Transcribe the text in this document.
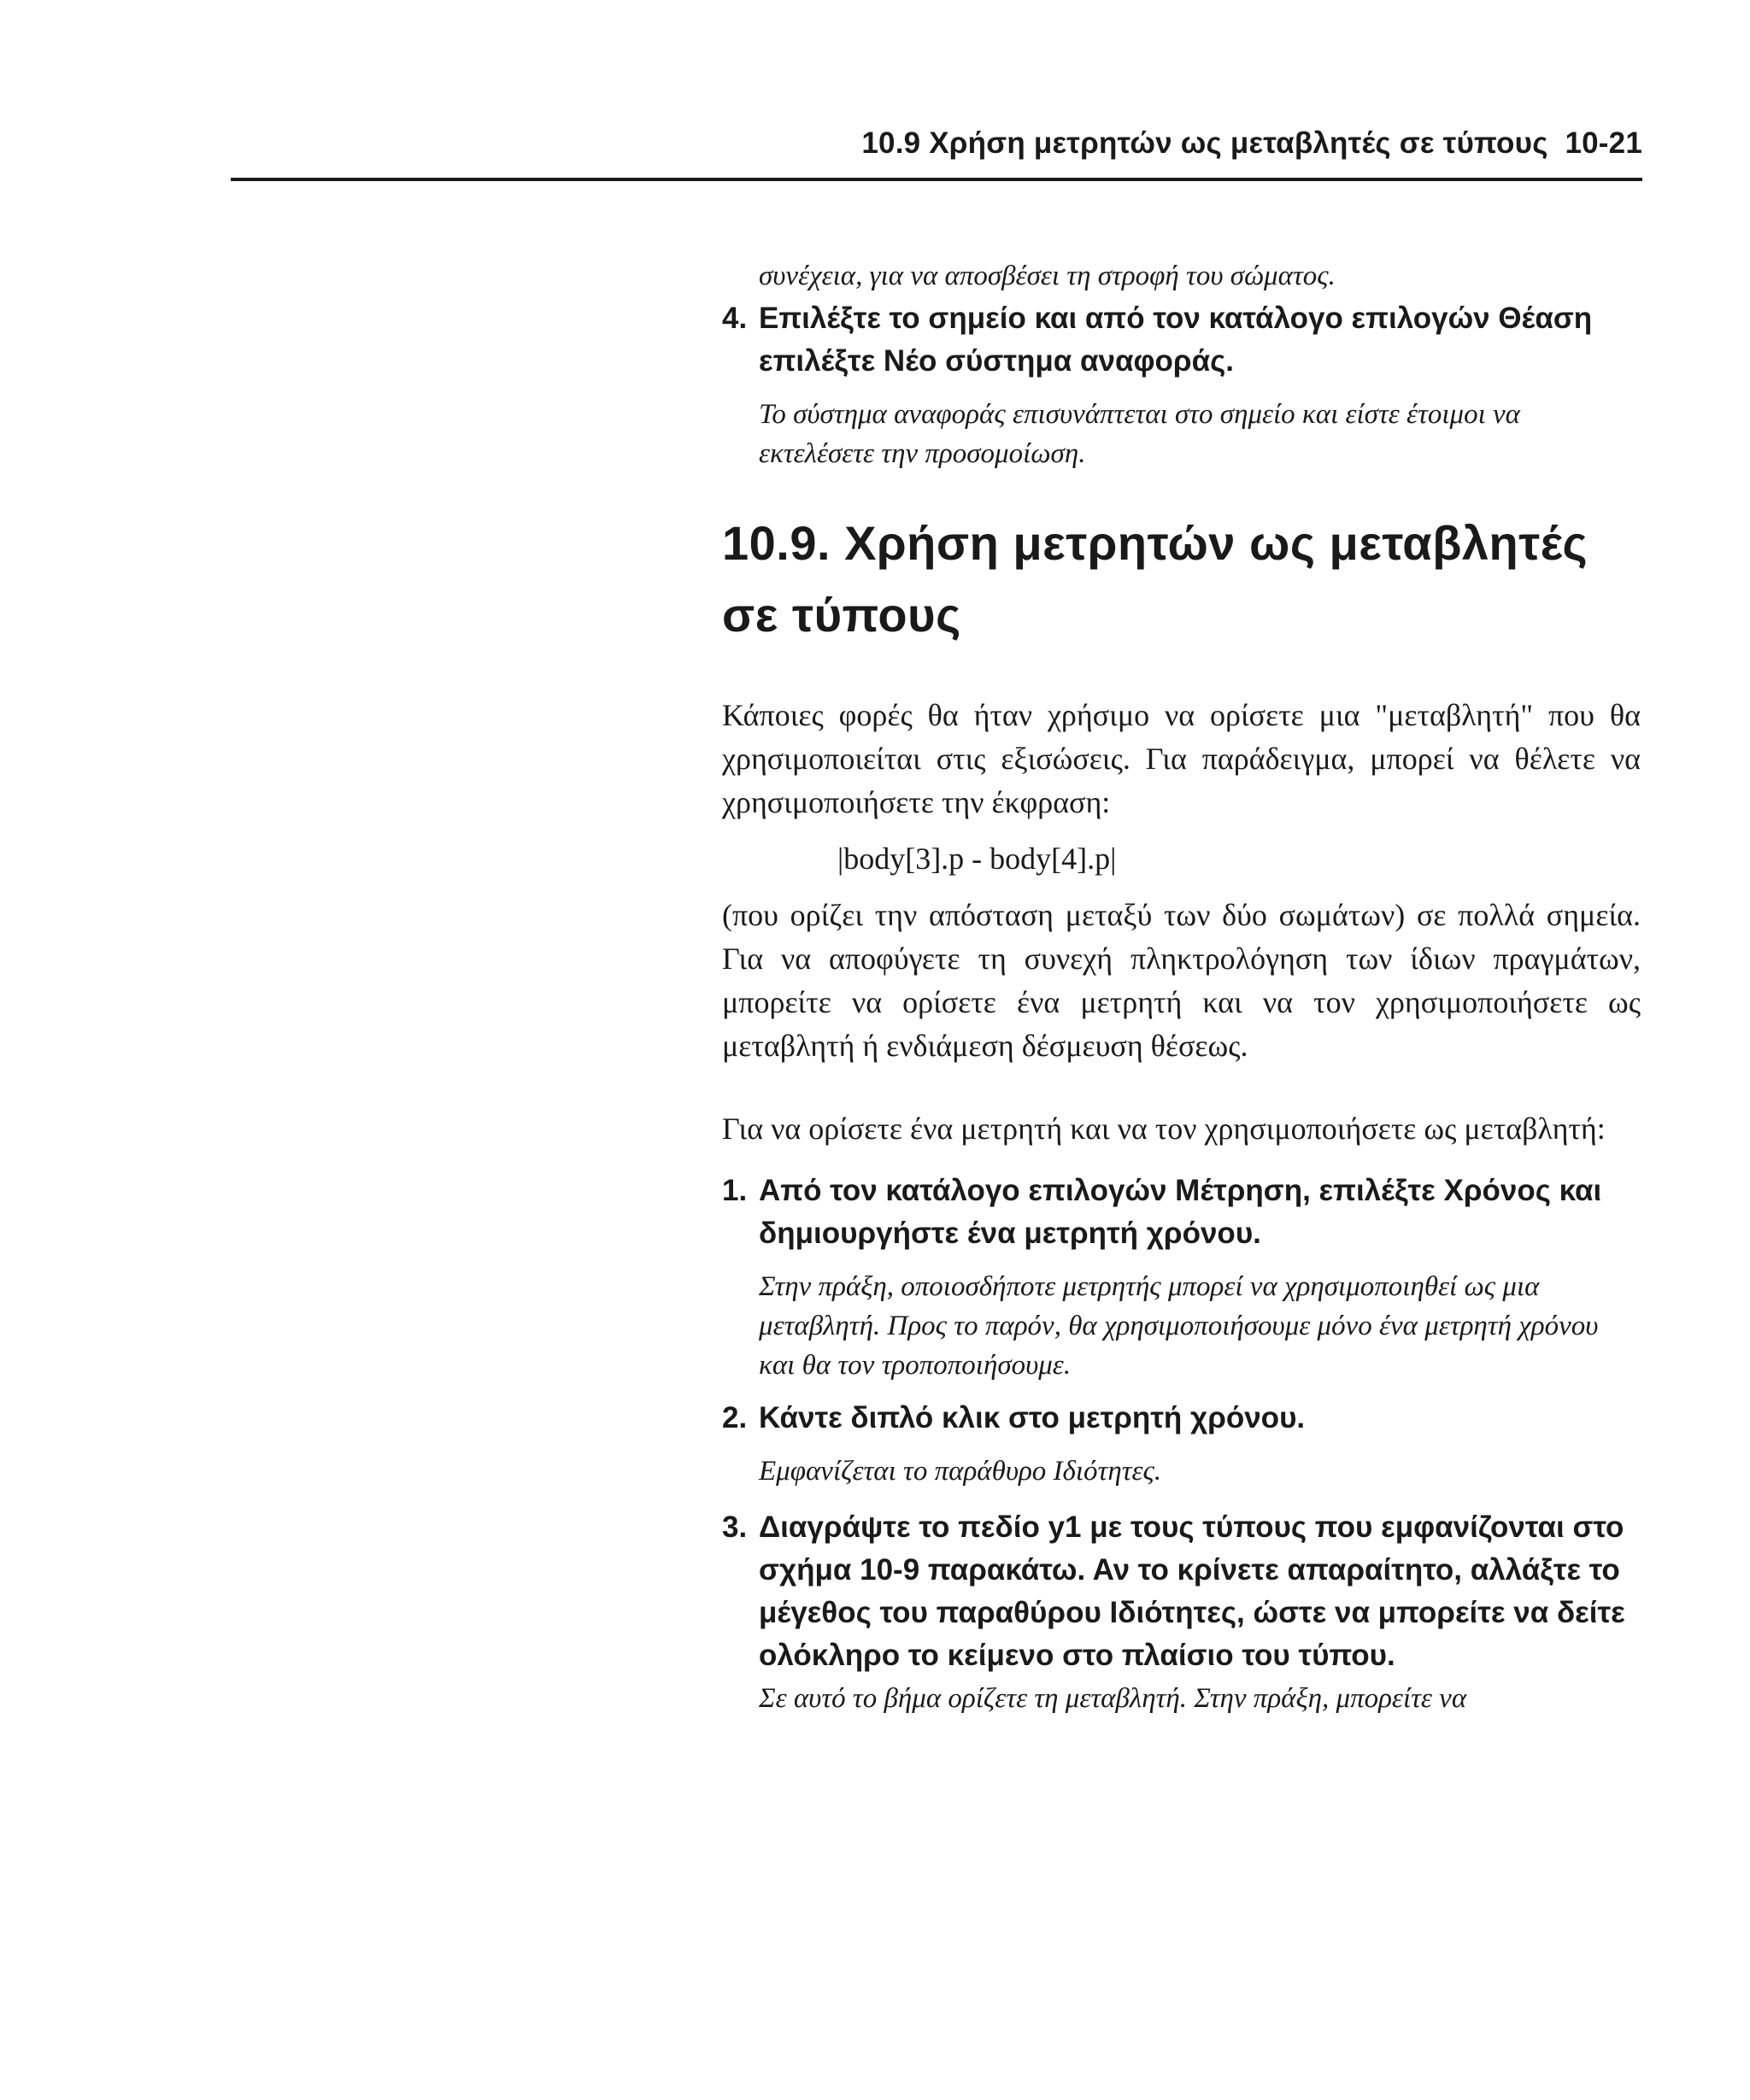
10.9 Χρήση μετρητών ως μεταβλητές σε τύπους 10-21

συνέχεια, για να αποσβέσει τη στροφή του σώματος.

4. Επιλέξτε το σημείο και από τον κατάλογο επιλογών Θέαση επιλέξτε Νέο σύστημα αναφοράς.

Το σύστημα αναφοράς επισυνάπτεται στο σημείο και είστε έτοιμοι να εκτελέσετε την προσομοίωση.

10.9. Χρήση μετρητών ως μεταβλητές σε τύπους

Κάποιες φορές θα ήταν χρήσιμο να ορίσετε μια "μεταβλητή" που θα χρησιμοποιείται στις εξισώσεις. Για παράδειγμα, μπορεί να θέλετε να χρησιμοποιήσετε την έκφραση:

|body[3].p - body[4].p|

(που ορίζει την απόσταση μεταξύ των δύο σωμάτων) σε πολλά σημεία. Για να αποφύγετε τη συνεχή πληκτρολόγηση των ίδιων πραγμάτων, μπορείτε να ορίσετε ένα μετρητή και να τον χρησιμοποιήσετε ως μεταβλητή ή ενδιάμεση δέσμευση θέσεως.

Για να ορίσετε ένα μετρητή και να τον χρησιμοποιήσετε ως μεταβλητή:

1. Από τον κατάλογο επιλογών Μέτρηση, επιλέξτε Χρόνος και δημιουργήστε ένα μετρητή χρόνου.

Στην πράξη, οποιοσδήποτε μετρητής μπορεί να χρησιμοποιηθεί ως μια μεταβλητή. Προς το παρόν, θα χρησιμοποιήσουμε μόνο ένα μετρητή χρόνου και θα τον τροποποιήσουμε.

2. Κάντε διπλό κλικ στο μετρητή χρόνου.

Εμφανίζεται το παράθυρο Ιδιότητες.

3. Διαγράψτε το πεδίο y1 με τους τύπους που εμφανίζονται στο σχήμα 10-9 παρακάτω. Αν το κρίνετε απαραίτητο, αλλάξτε το μέγεθος του παραθύρου Ιδιότητες, ώστε να μπορείτε να δείτε ολόκληρο το κείμενο στο πλαίσιο του τύπου.

Σε αυτό το βήμα ορίζετε τη μεταβλητή. Στην πράξη, μπορείτε να
